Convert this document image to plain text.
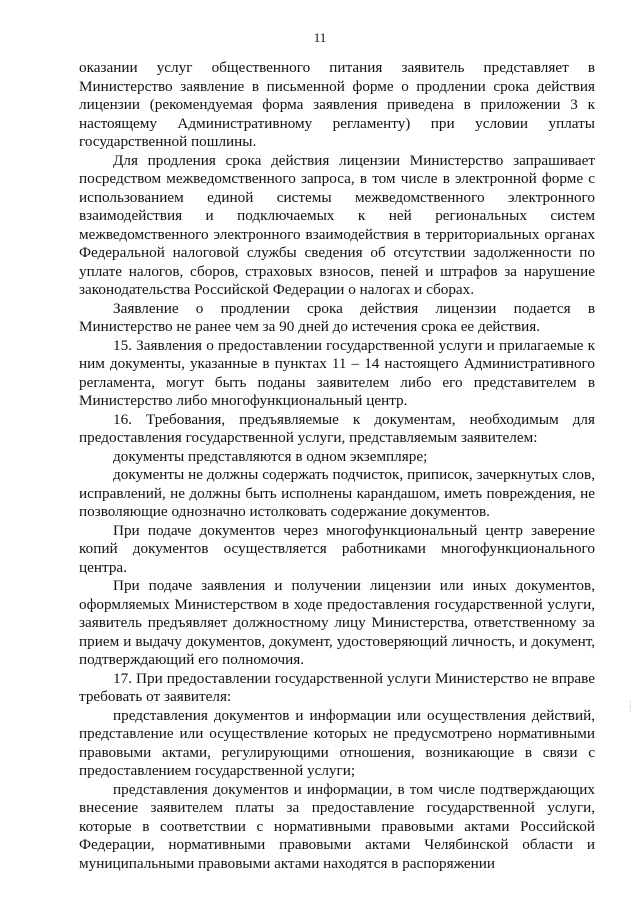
11

оказании услуг общественного питания заявитель представляет в Министерство заявление в письменной форме о продлении срока действия лицензии (рекомендуемая форма заявления приведена в приложении 3 к настоящему Административному регламенту) при условии уплаты государственной пошлины.

Для продления срока действия лицензии Министерство запрашивает посредством межведомственного запроса, в том числе в электронной форме с использованием единой системы межведомственного электронного взаимодействия и подключаемых к ней региональных систем межведомственного электронного взаимодействия в территориальных органах Федеральной налоговой службы сведения об отсутствии задолженности по уплате налогов, сборов, страховых взносов, пеней и штрафов за нарушение законодательства Российской Федерации о налогах и сборах.

Заявление о продлении срока действия лицензии подается в Министерство не ранее чем за 90 дней до истечения срока ее действия.

15. Заявления о предоставлении государственной услуги и прилагаемые к ним документы, указанные в пунктах 11 – 14 настоящего Административного регламента, могут быть поданы заявителем либо его представителем в Министерство либо многофункциональный центр.

16. Требования, предъявляемые к документам, необходимым для предоставления государственной услуги, представляемым заявителем:

документы представляются в одном экземпляре;

документы не должны содержать подчисток, приписок, зачеркнутых слов, исправлений, не должны быть исполнены карандашом, иметь повреждения, не позволяющие однозначно истолковать содержание документов.

При подаче документов через многофункциональный центр заверение копий документов осуществляется работниками многофункционального центра.

При подаче заявления и получении лицензии или иных документов, оформляемых Министерством в ходе предоставления государственной услуги, заявитель предъявляет должностному лицу Министерства, ответственному за прием и выдачу документов, документ, удостоверяющий личность, и документ, подтверждающий его полномочия.

17. При предоставлении государственной услуги Министерство не вправе требовать от заявителя:

представления документов и информации или осуществления действий, представление или осуществление которых не предусмотрено нормативными правовыми актами, регулирующими отношения, возникающие в связи с предоставлением государственной услуги;

представления документов и информации, в том числе подтверждающих внесение заявителем платы за предоставление государственной услуги, которые в соответствии с нормативными правовыми актами Российской Федерации, нормативными правовыми актами Челябинской области и муниципальными правовыми актами находятся в распоряжении

·····
